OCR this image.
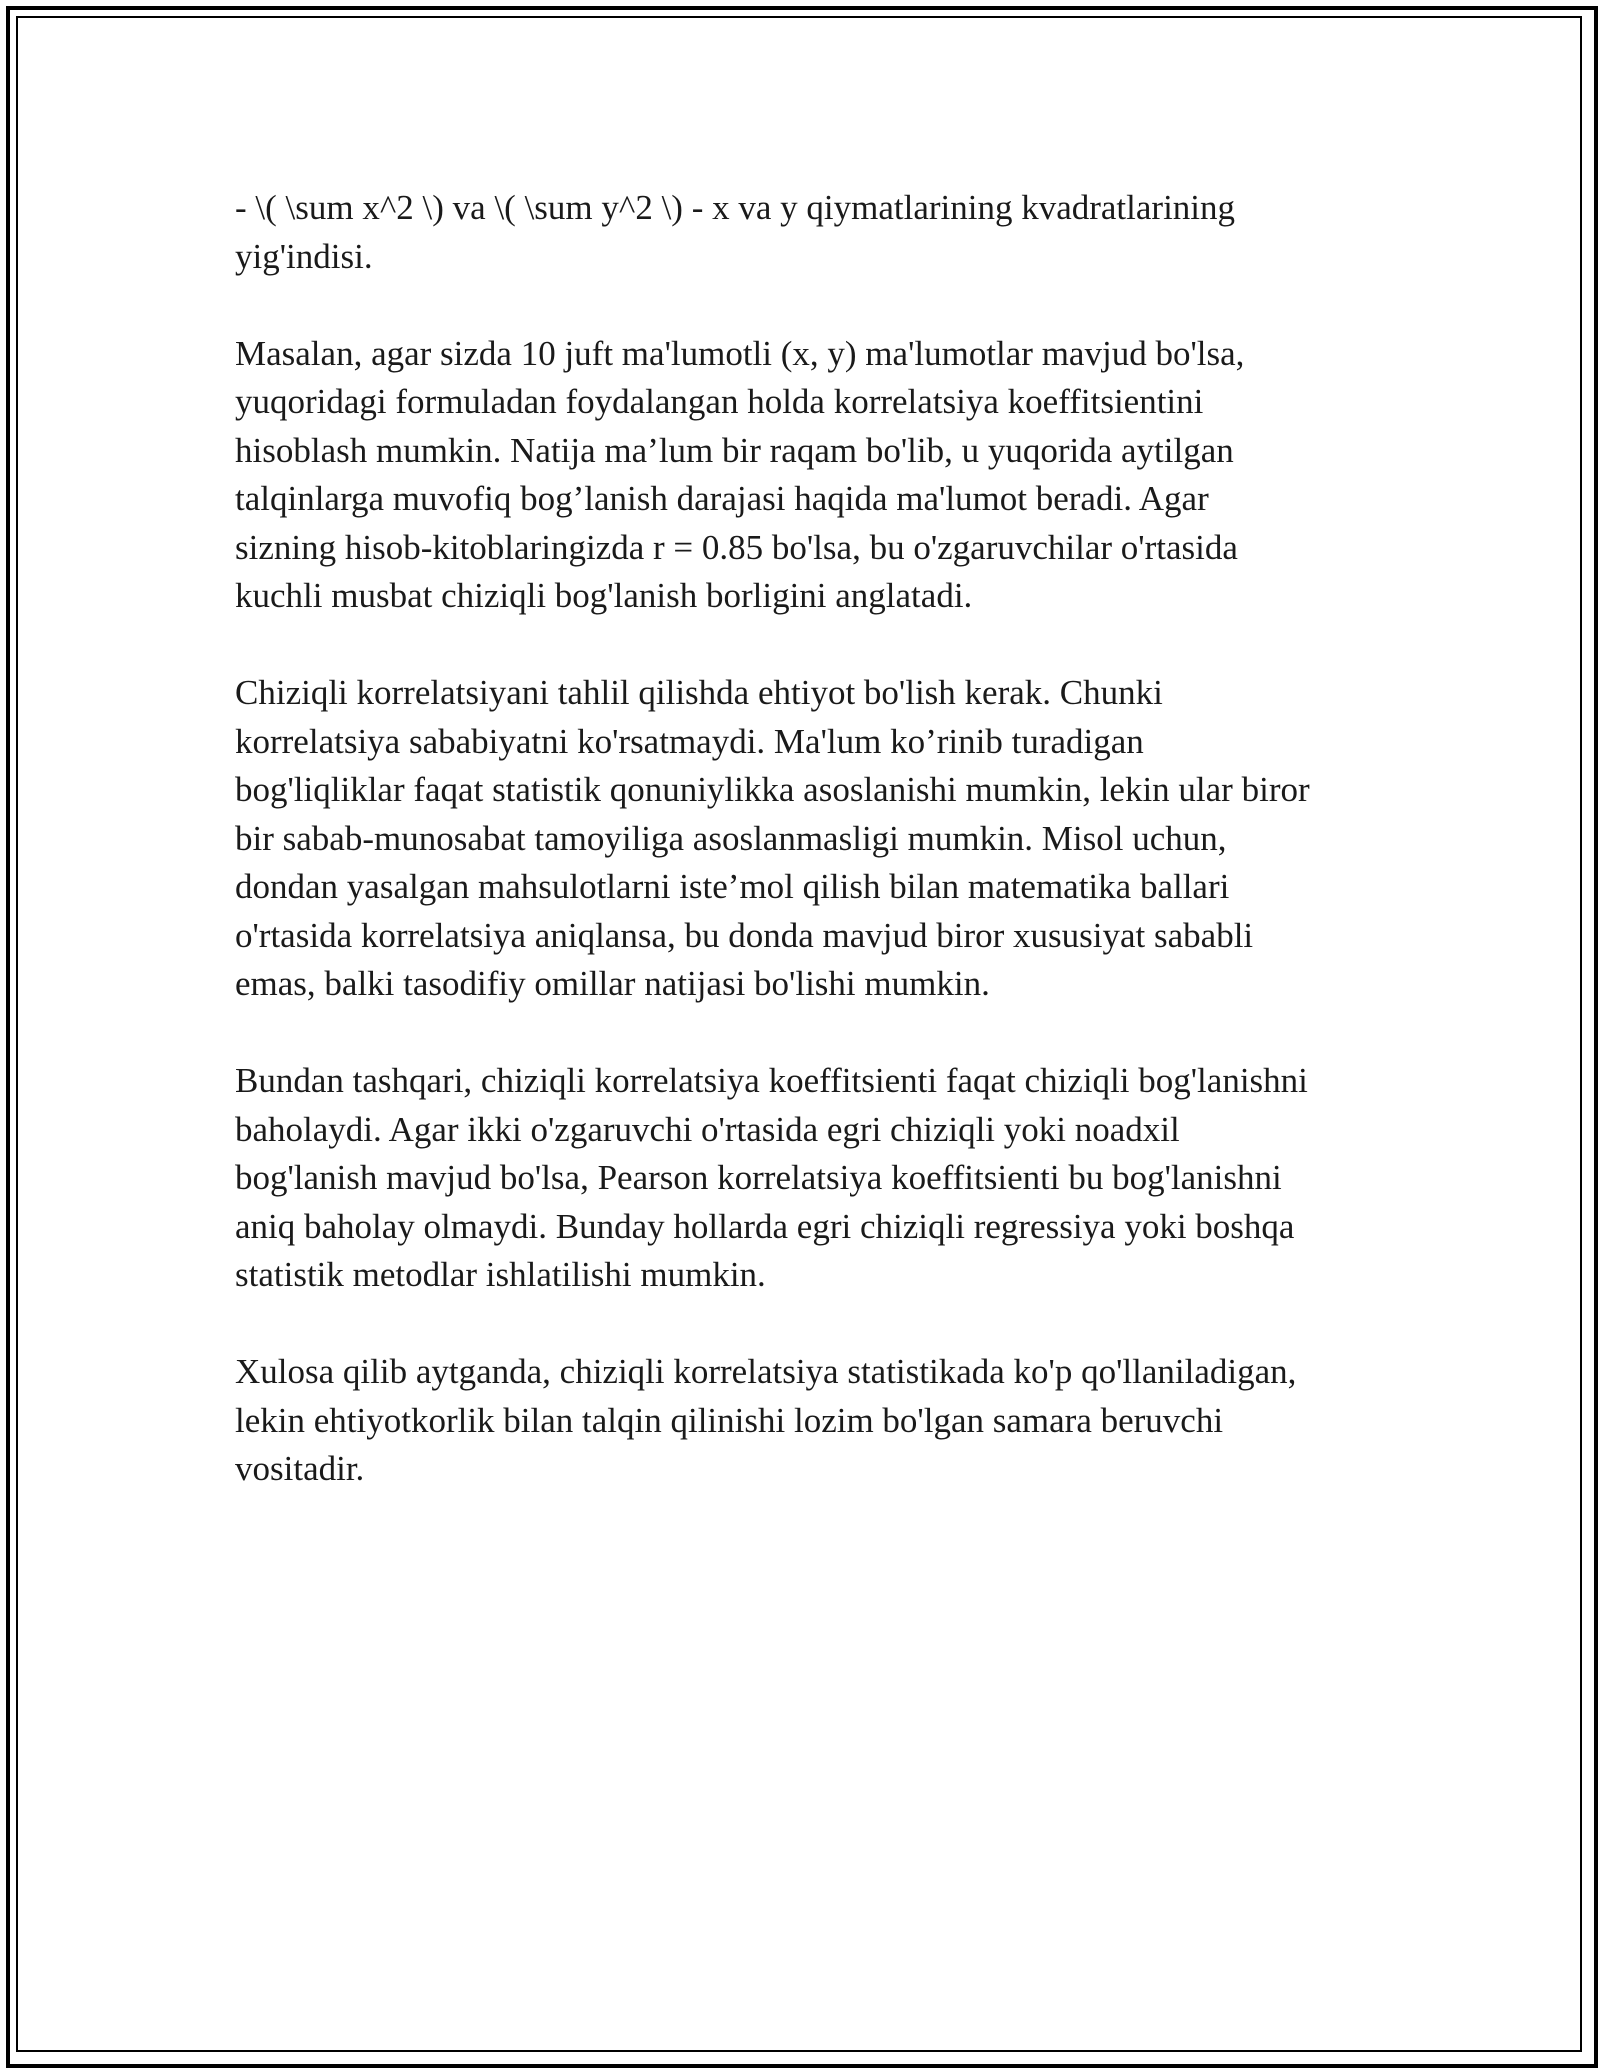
- \( \sum x^2 \) va \( \sum y^2 \) - x va y qiymatlarining kvadratlarining
yig'indisi.

Masalan, agar sizda 10 juft ma'lumotli (x, y) ma'lumotlar mavjud bo'lsa,
yuqoridagi formuladan foydalangan holda korrelatsiya koeffitsientini
hisoblash mumkin. Natija ma’lum bir raqam bo'lib, u yuqorida aytilgan
talqinlarga muvofiq bog’lanish darajasi haqida ma'lumot beradi. Agar
sizning hisob-kitoblaringizda r = 0.85 bo'lsa, bu o'zgaruvchilar o'rtasida
kuchli musbat chiziqli bog'lanish borligini anglatadi.

Chiziqli korrelatsiyani tahlil qilishda ehtiyot bo'lish kerak. Chunki
korrelatsiya sababiyatni ko'rsatmaydi. Ma'lum ko’rinib turadigan
bog'liqliklar faqat statistik qonuniylikka asoslanishi mumkin, lekin ular biror
bir sabab-munosabat tamoyiliga asoslanmasligi mumkin. Misol uchun,
dondan yasalgan mahsulotlarni iste’mol qilish bilan matematika ballari
o'rtasida korrelatsiya aniqlansa, bu donda mavjud biror xususiyat sababli
emas, balki tasodifiy omillar natijasi bo'lishi mumkin.

Bundan tashqari, chiziqli korrelatsiya koeffitsienti faqat chiziqli bog'lanishni
baholaydi. Agar ikki o'zgaruvchi o'rtasida egri chiziqli yoki noadxil
bog'lanish mavjud bo'lsa, Pearson korrelatsiya koeffitsienti bu bog'lanishni
aniq baholay olmaydi. Bunday hollarda egri chiziqli regressiya yoki boshqa
statistik metodlar ishlatilishi mumkin.

Xulosa qilib aytganda, chiziqli korrelatsiya statistikada ko'p qo'llaniladigan,
lekin ehtiyotkorlik bilan talqin qilinishi lozim bo'lgan samara beruvchi
vositadir.
